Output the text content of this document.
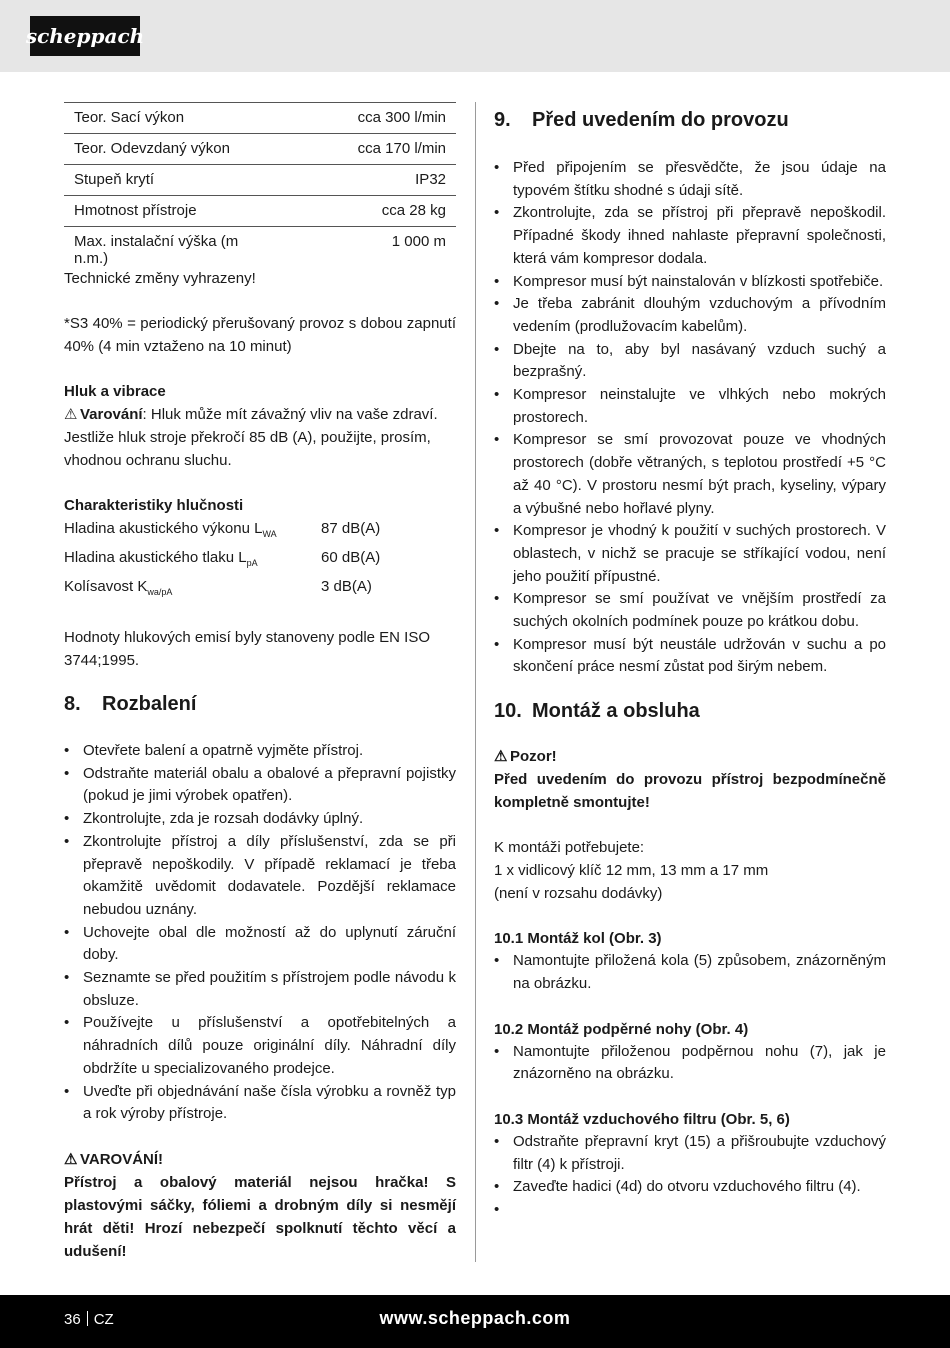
scheppach
Teor. Sací výkon	cca 300 l/min
Teor. Odevzdaný výkon	cca 170 l/min
Stupeň krytí	IP32
Hmotnost přístroje	cca 28 kg
Max. instalační výška (m n.m.)	1 000 m

Technické změny vyhrazeny!

*S3 40% = periodický přerušovaný provoz s dobou zapnutí 40% (4 min vztaženo na 10 minut)

Hluk a vibrace

⚠ Varování: Hluk může mít závažný vliv na vaše zdraví. Jestliže hluk stroje překročí 85 dB (A), použijte, prosím, vhodnou ochranu sluchu.

Charakteristiky hlučnosti

Hladina akustického výkonu $L_{WA}$	87 dB(A)
Hladina akustického tlaku $L_{pA}$	60 dB(A)
Kolísavost $K_{wa/pA}$	3 dB(A)

Hodnoty hlukových emisí byly stanoveny podle EN ISO 3744;1995.

8.	Rozbalení
• Otevřete balení a opatrně vyjměte přístroj.
• Odstraňte materiál obalu a obalové a přepravní pojistky (pokud je jimi výrobek opatřen).
• Zkontrolujte, zda je rozsah dodávky úplný.
• Zkontrolujte přístroj a díly příslušenství, zda se při přepravě nepoškodily. V případě reklamací je třeba okamžitě uvědomit dodavatele. Pozdější reklamace nebudou uznány.
• Uchovejte obal dle možností až do uplynutí záruční doby.
• Seznamte se před použitím s přístrojem podle návodu k obsluze.
• Používejte u příslušenství a opotřebitelných a náhradních dílů pouze originální díly. Náhradní díly obdržíte u specializovaného prodejce.
• Uveďte při objednávání naše čísla výrobku a rovněž typ a rok výroby přístroje.

⚠ VAROVÁNÍ!

Přístroj a obalový materiál nejsou hračka! S plastovými sáčky, fóliemi a drobným díly si nesmějí hrát děti! Hrozí nebezpečí spolknutí těchto věcí a udušení!

9.	Před uvedením do provozu
• Před připojením se přesvědčte, že jsou údaje na typovém štítku shodné s údaji sítě.
• Zkontrolujte, zda se přístroj při přepravě nepoškodil. Případné škody ihned nahlaste přepravní společnosti, která vám kompresor dodala.
• Kompresor musí být nainstalován v blízkosti spotřebiče.
• Je třeba zabránit dlouhým vzduchovým a přívodním vedením (prodlužovacím kabelům).
• Dbejte na to, aby byl nasávaný vzduch suchý a bezprašný.
• Kompresor neinstalujte ve vlhkých nebo mokrých prostorech.
• Kompresor se smí provozovat pouze ve vhodných prostorech (dobře větraných, s teplotou prostředí +5 °C až 40 °C). V prostoru nesmí být prach, kyseliny, výpary a výbušné nebo hořlavé plyny.
• Kompresor je vhodný k použití v suchých prostorech. V oblastech, v nichž se pracuje se stříkající vodou, není jeho použití přípustné.
• Kompresor se smí používat ve vnějším prostředí za suchých okolních podmínek pouze po krátkou dobu.
• Kompresor musí být neustále udržován v suchu a po skončení práce nesmí zůstat pod širým nebem.
10. Montáž a obsluha

⚠ Pozor!

Před uvedením do provozu přístroj bezpodmínečně kompletně smontujte!

K montáži potřebujete:

1 x vidlicový klíč 12 mm, 13 mm a 17 mm

(není v rozsahu dodávky)

10.1 Montáž kol (Obr. 3)

• Namontujte přiložená kola (5) způsobem, znázorněným na obrázku.

10.2 Montáž podpěrné nohy (Obr. 4)

• Namontujte přiloženou podpěrnou nohu (7), jak je znázorněno na obrázku.

10.3 Montáž vzduchového filtru (Obr. 5, 6)

• Odstraňte přepravní kryt (15) a přišroubujte vzduchový filtr (4) k přístroji.
• Zaveďte hadici (4d) do otvoru vzduchového filtru (4).
•
36 CZ	www.scheppach.com
